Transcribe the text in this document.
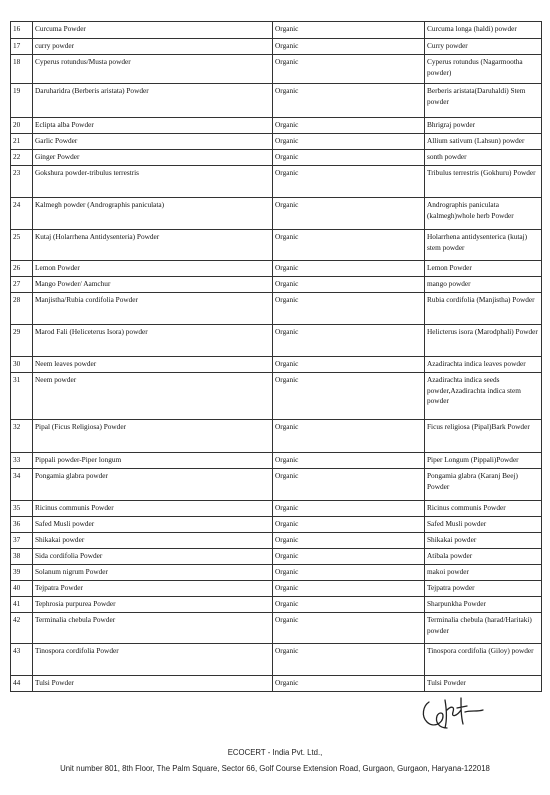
16	Curcuma Powder	Organic	Curcuma longa (haldi) powder
17	curry powder	Organic	Curry powder
18	Cyperus rotundus/Musta powder	Organic	Cyperus rotundus (Nagarmootha powder)
19	Daruharidra (Berberis aristata) Powder	Organic	Berberis aristata(Daruhaldi) Stem powder
20	Eclipta alba Powder	Organic	Bhrigraj powder
21	Garlic Powder	Organic	Allium sativum (Lahsun) powder
22	Ginger Powder	Organic	sonth powder
23	Gokshura powder-tribulus terrestris	Organic	Tribulus terrestris (Gokhuru) Powder
24	Kalmegh powder (Andrographis paniculata)	Organic	Andrographis paniculata (kalmegh)whole herb Powder
25	Kutaj (Holarrhena Antidysenteria) Powder	Organic	Holarrhena antidysenterica (kutaj) stem powder
26	Lemon Powder	Organic	Lemon Powder
27	Mango Powder/ Aamchur	Organic	mango powder
28	Manjistha/Rubia cordifolia Powder	Organic	Rubia cordifolia (Manjistha) Powder
29	Marod Fali (Heliceterus Isora) powder	Organic	Helicterus isora (Marodphali) Powder
30	Neem leaves powder	Organic	Azadirachta indica leaves powder
31	Neem powder	Organic	Azadirachta indica seeds powder,Azadirachta indica stem powder
32	Pipal (Ficus Religiosa) Powder	Organic	Ficus religiosa (Pipal)Bark Powder
33	Pippali powder-Piper longum	Organic	Piper Longum (Pippali)Powder
34	Pongamia glabra powder	Organic	Pongamia glabra (Karanj Beej) Powder
35	Ricinus communis Powder	Organic	Ricinus communis Powder
36	Safed Musli powder	Organic	Safed Musli powder
37	Shikakai powder	Organic	Shikakai powder
38	Sida cordifolia Powder	Organic	Atibala powder
39	Solanum nigrum Powder	Organic	makoi powder
40	Tejpatra Powder	Organic	Tejpatra powder
41	Tephrosia purpurea Powder	Organic	Sharpunkha Powder
42	Terminalia chebula Powder	Organic	Terminalia chebula (harad/Haritaki) powder
43	Tinospora cordifolia Powder	Organic	Tinospora cordifolia (Giloy) powder
44	Tulsi Powder	Organic	Tulsi Powder
ECOCERT - India Pvt. Ltd.,
Unit number 801, 8th Floor, The Palm Square, Sector 66, Golf Course Extension Road, Gurgaon, Gurgaon, Haryana-122018
